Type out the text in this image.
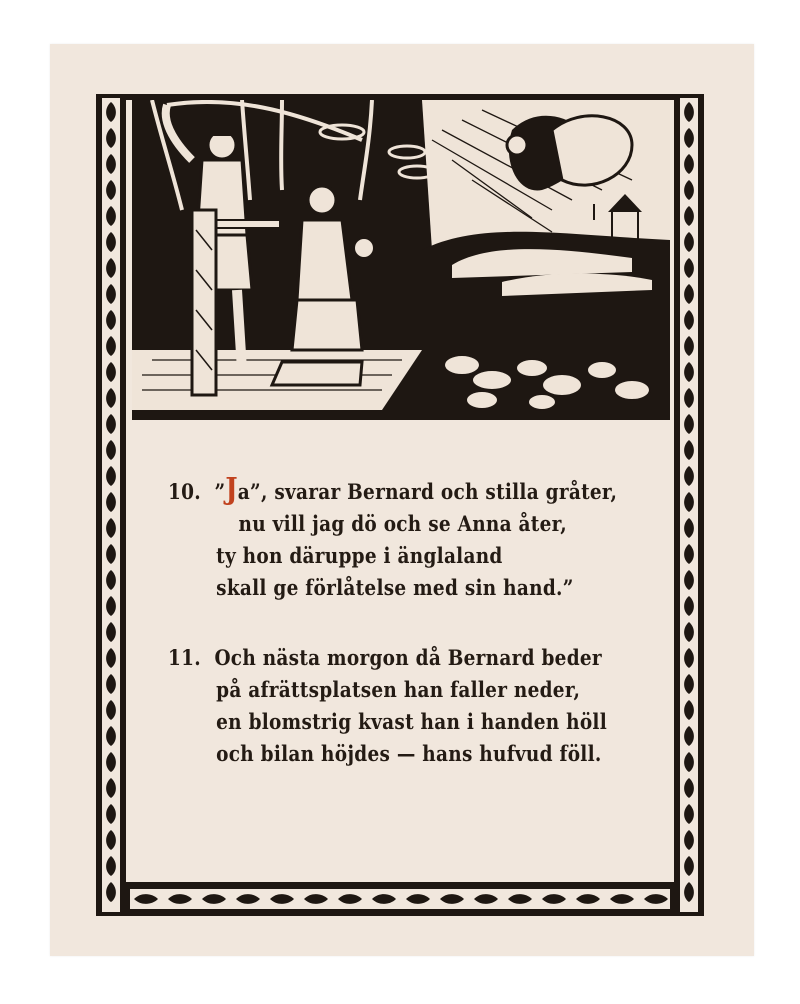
10. ”Ja”, svarar Bernard och stilla gråter,
nu vill jag dö och se Anna åter,
ty hon däruppe i änglaland
skall ge förlåtelse med sin hand.”
11. Och nästa morgon då Bernard beder
på afrättsplatsen han faller neder,
en blomstrig kvast han i handen höll
och bilan höjdes — hans hufvud föll.
